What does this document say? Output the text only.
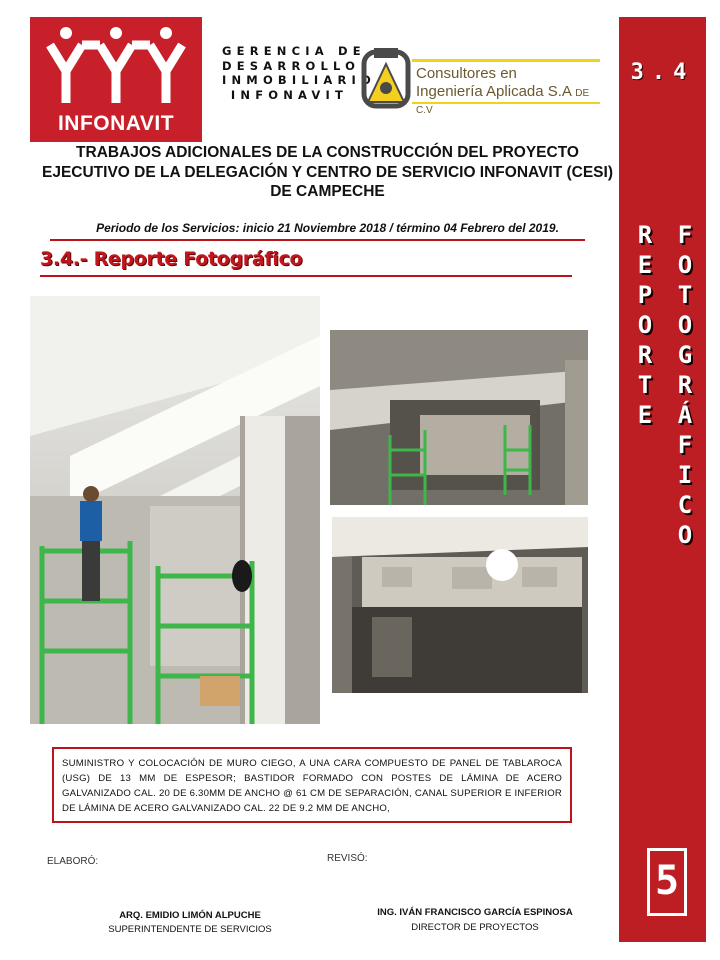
INFONAVIT
GERENCIA DE
DESARROLLO
INMOBILIARIO
INFONAVIT
Consultores en
Ingeniería Aplicada S.A DE C.V
TRABAJOS ADICIONALES DE LA CONSTRUCCIÓN DEL PROYECTO
EJECUTIVO DE LA DELEGACIÓN Y CENTRO DE SERVICIO INFONAVIT (CESI)
DE CAMPECHE
Periodo de los Servicios: inicio 21 Noviembre 2018 / término 04 Febrero del 2019.
3.4.- Reporte Fotográfico
SUMINISTRO Y COLOCACIÓN DE MURO CIEGO, A UNA CARA COMPUESTO DE PANEL DE TABLAROCA (USG) DE 13 MM DE ESPESOR; BASTIDOR FORMADO CON POSTES DE LÁMINA DE ACERO GALVANIZADO CAL. 20 DE 6.30MM DE ANCHO @ 61 CM DE SEPARACIÓN, CANAL SUPERIOR E INFERIOR DE LÁMINA DE ACERO GALVANIZADO CAL. 22 DE 9.2 MM DE ANCHO,
ELABORÓ:	REVISÓ:
ARQ. EMIDIO LIMÓN ALPUCHE
SUPERINTENDENTE DE SERVICIOS
ING. IVÁN FRANCISCO GARCÍA ESPINOSA
DIRECTOR DE PROYECTOS
3.4
R
E
P
O
R
T
E
F
O
T
O
G
R
Á
F
I
C
O
5
